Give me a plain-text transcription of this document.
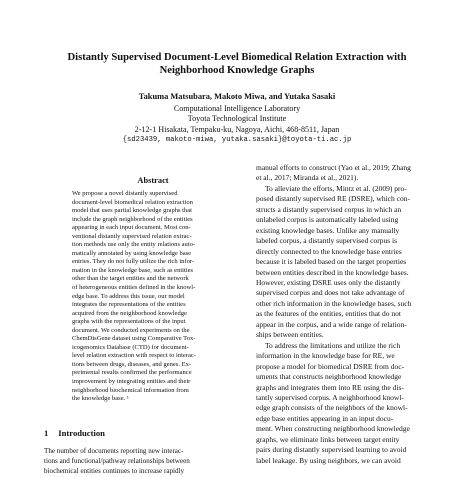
Distantly Supervised Document-Level Biomedical Relation Extraction with
Neighborhood Knowledge Graphs
Takuma Matsubara, Makoto Miwa, and Yutaka Sasaki
Computational Intelligence Laboratory
Toyota Technological Institute
2-12-1 Hisakata, Tempaku-ku, Nagoya, Aichi, 468-8511, Japan
{sd23439, makoto-miwa, yutaka.sasaki}@toyota-ti.ac.jp
Abstract
We propose a novel distantly supervised
document-level biomedical relation extraction
model that uses partial knowledge graphs that
include the graph neighborhood of the entities
appearing in each input document. Most con-
ventional distantly supervised relation extrac-
tion methods use only the entity relations auto-
matically annotated by using knowledge base
entries. They do not fully utilize the rich infor-
mation in the knowledge base, such as entities
other than the target entities and the network
of heterogeneous entities defined in the knowl-
edge base. To address this issue, our model
integrates the representations of the entities
acquired from the neighborhood knowledge
graphs with the representations of the input
document. We conducted experiments on the
ChemDisGene dataset using Comparative Tox-
icogenomics Database (CTD) for document-
level relation extraction with respect to interac-
tions between drugs, diseases, and genes. Ex-
perimental results confirmed the performance
improvement by integrating entities and their
neighborhood biochemical information from
the knowledge base. ¹
1 Introduction
The number of documents reporting new interac-
tions and functional/pathway relationships between
biochemical entities continues to increase rapidly
manual efforts to construct (Yao et al., 2019; Zhang
et al., 2017; Miranda et al., 2021).
To alleviate the efforts, Mintz et al. (2009) pro-
posed distantly supervised RE (DSRE), which con-
structs a distantly supervised corpus in which an
unlabeled corpus is automatically labeled using
existing knowledge bases. Unlike any manually
labeled corpus, a distantly supervised corpus is
directly connected to the knowledge base entries
because it is labeled based on the target properties
between entities described in the knowledge bases.
However, existing DSRE uses only the distantly
supervised corpus and does not take advantage of
other rich information in the knowledge bases, such
as the features of the entities, entities that do not
appear in the corpus, and a wide range of relation-
ships between entities.
To address the limitations and utilize the rich
information in the knowledge base for RE, we
propose a model for biomedical DSRE from doc-
uments that constructs neighborhood knowledge
graphs and integrates them into RE using the dis-
tantly supervised corpus. A neighborhood knowl-
edge graph consists of the neighbors of the knowl-
edge base entities appearing in an input docu-
ment. When constructing neighborhood knowledge
graphs, we eliminate links between target entity
pairs during distantly supervised learning to avoid
label leakage. By using neighbors, we can avoid
